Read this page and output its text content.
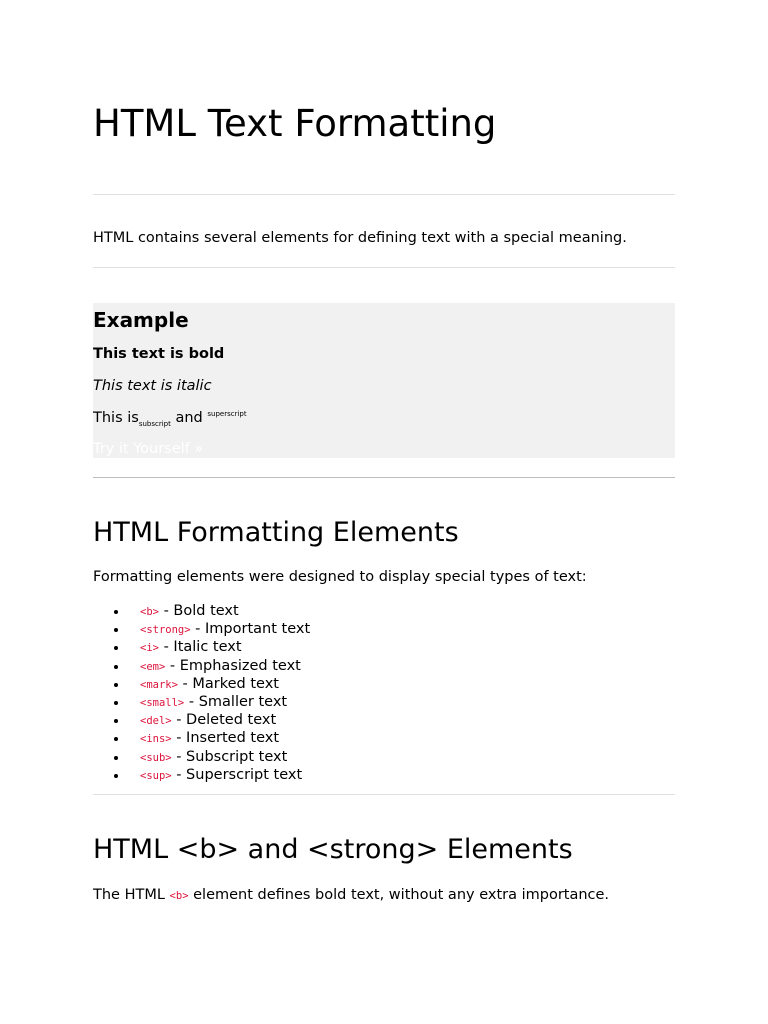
HTML Text Formatting

HTML contains several elements for defining text with a special meaning.

Example
This text is bold
This text is italic
This $is_{subscript}$ and $^{superscript}$
Try it Yourself »
HTML Formatting Elements

Formatting elements were designed to display special types of text:

<b> - Bold text
<strong> - Important text
<i> - Italic text
<em> - Emphasized text
<mark> - Marked text
<small> - Smaller text
<del> - Deleted text
<ins> - Inserted text
<sub> - Subscript text
<sup> - Superscript text
HTML <b> and <strong> Elements

The HTML <b> element defines bold text, without any extra importance.
